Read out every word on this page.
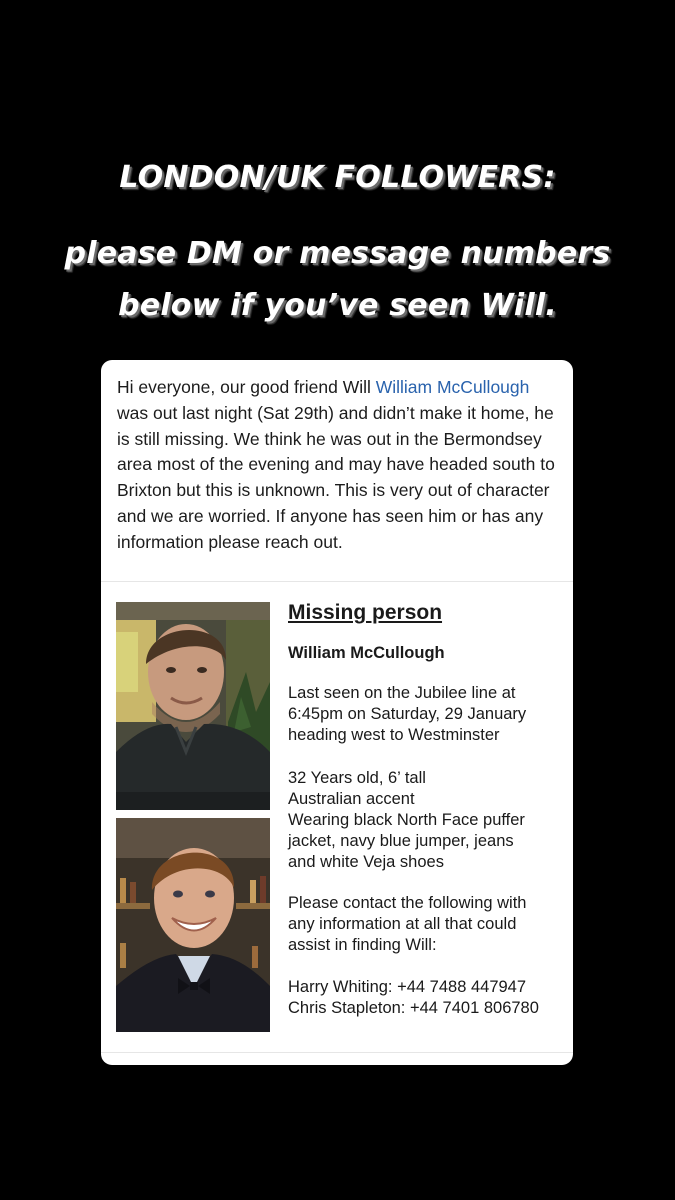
LONDON/UK FOLLOWERS:
please DM or message numbers
below if you’ve seen Will.
Hi everyone, our good friend Will William McCullough was out last night (Sat 29th) and didn’t make it home, he is still missing. We think he was out in the Bermondsey area most of the evening and may have headed south to Brixton but this is unknown. This is very out of character and we are worried. If anyone has seen him or has any information please reach out.
Missing person
William McCullough
Last seen on the Jubilee line at
6:45pm on Saturday, 29 January
heading west to Westminster
32 Years old, 6’ tall
Australian accent
Wearing black North Face puffer
jacket, navy blue jumper, jeans
and white Veja shoes
Please contact the following with
any information at all that could
assist in finding Will:
Harry Whiting: +44 7488 447947
Chris Stapleton: +44 7401 806780
